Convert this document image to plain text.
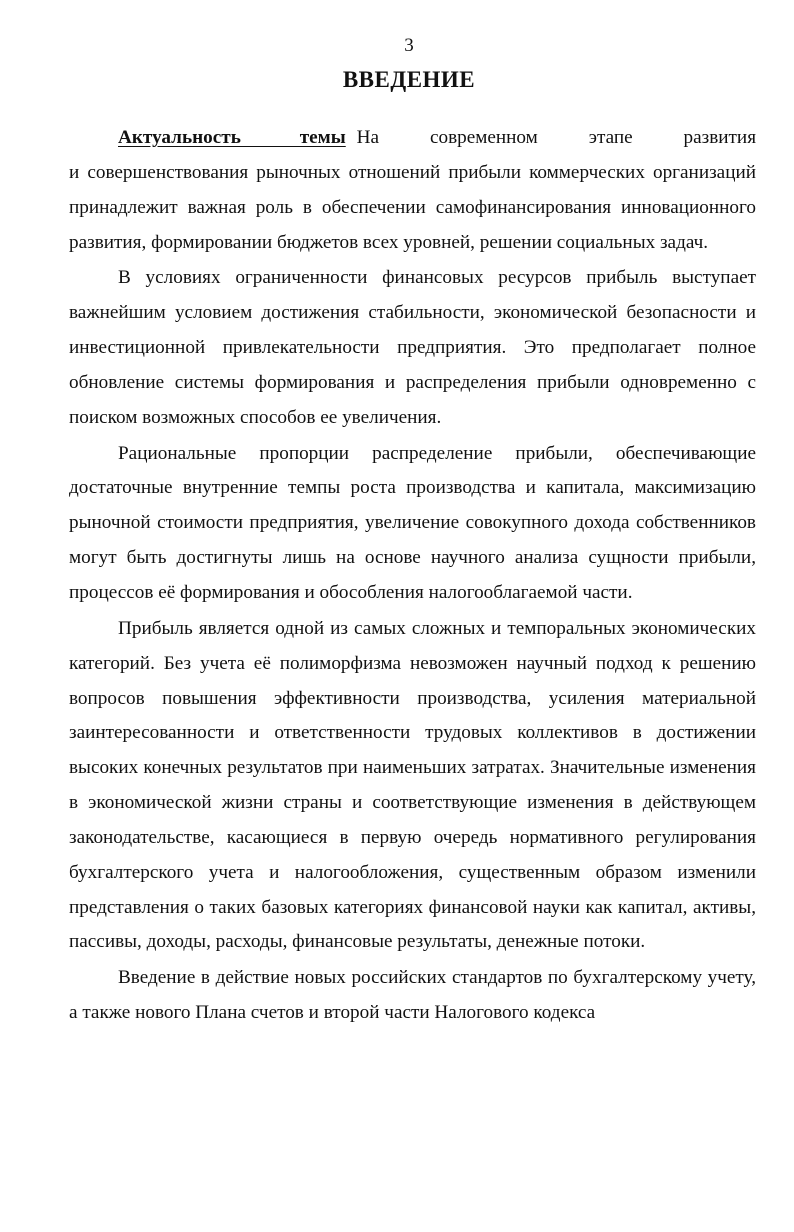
3
ВВЕДЕНИЕ

Актуальность темы На современном этапе развития и совершенствования рыночных отношений прибыли коммерческих организаций принадлежит важная роль в обеспечении самофинансирования инновационного развития, формировании бюджетов всех уровней, решении социальных задач.

В условиях ограниченности финансовых ресурсов прибыль выступает важнейшим условием достижения стабильности, экономической безопасности и инвестиционной привлекательности предприятия. Это предполагает полное обновление системы формирования и распределения прибыли одновременно с поиском возможных способов ее увеличения.

Рациональные пропорции распределение прибыли, обеспечивающие достаточные внутренние темпы роста производства и капитала, максимизацию рыночной стоимости предприятия, увеличение совокупного дохода собственников могут быть достигнуты лишь на основе научного анализа сущности прибыли, процессов её формирования и обособления налогооблагаемой части.

Прибыль является одной из самых сложных и темпоральных экономических категорий. Без учета её полиморфизма невозможен научный подход к решению вопросов повышения эффективности производства, усиления материальной заинтересованности и ответственности трудовых коллективов в достижении высоких конечных результатов при наименьших затратах. Значительные изменения в экономической жизни страны и соответствующие изменения в действующем законодательстве, касающиеся в первую очередь нормативного регулирования бухгалтерского учета и налогообложения, существенным образом изменили представления о таких базовых категориях финансовой науки как капитал, активы, пассивы, доходы, расходы, финансовые результаты, денежные потоки.

Введение в действие новых российских стандартов по бухгалтерскому учету, а также нового Плана счетов и второй части Налогового кодекса
